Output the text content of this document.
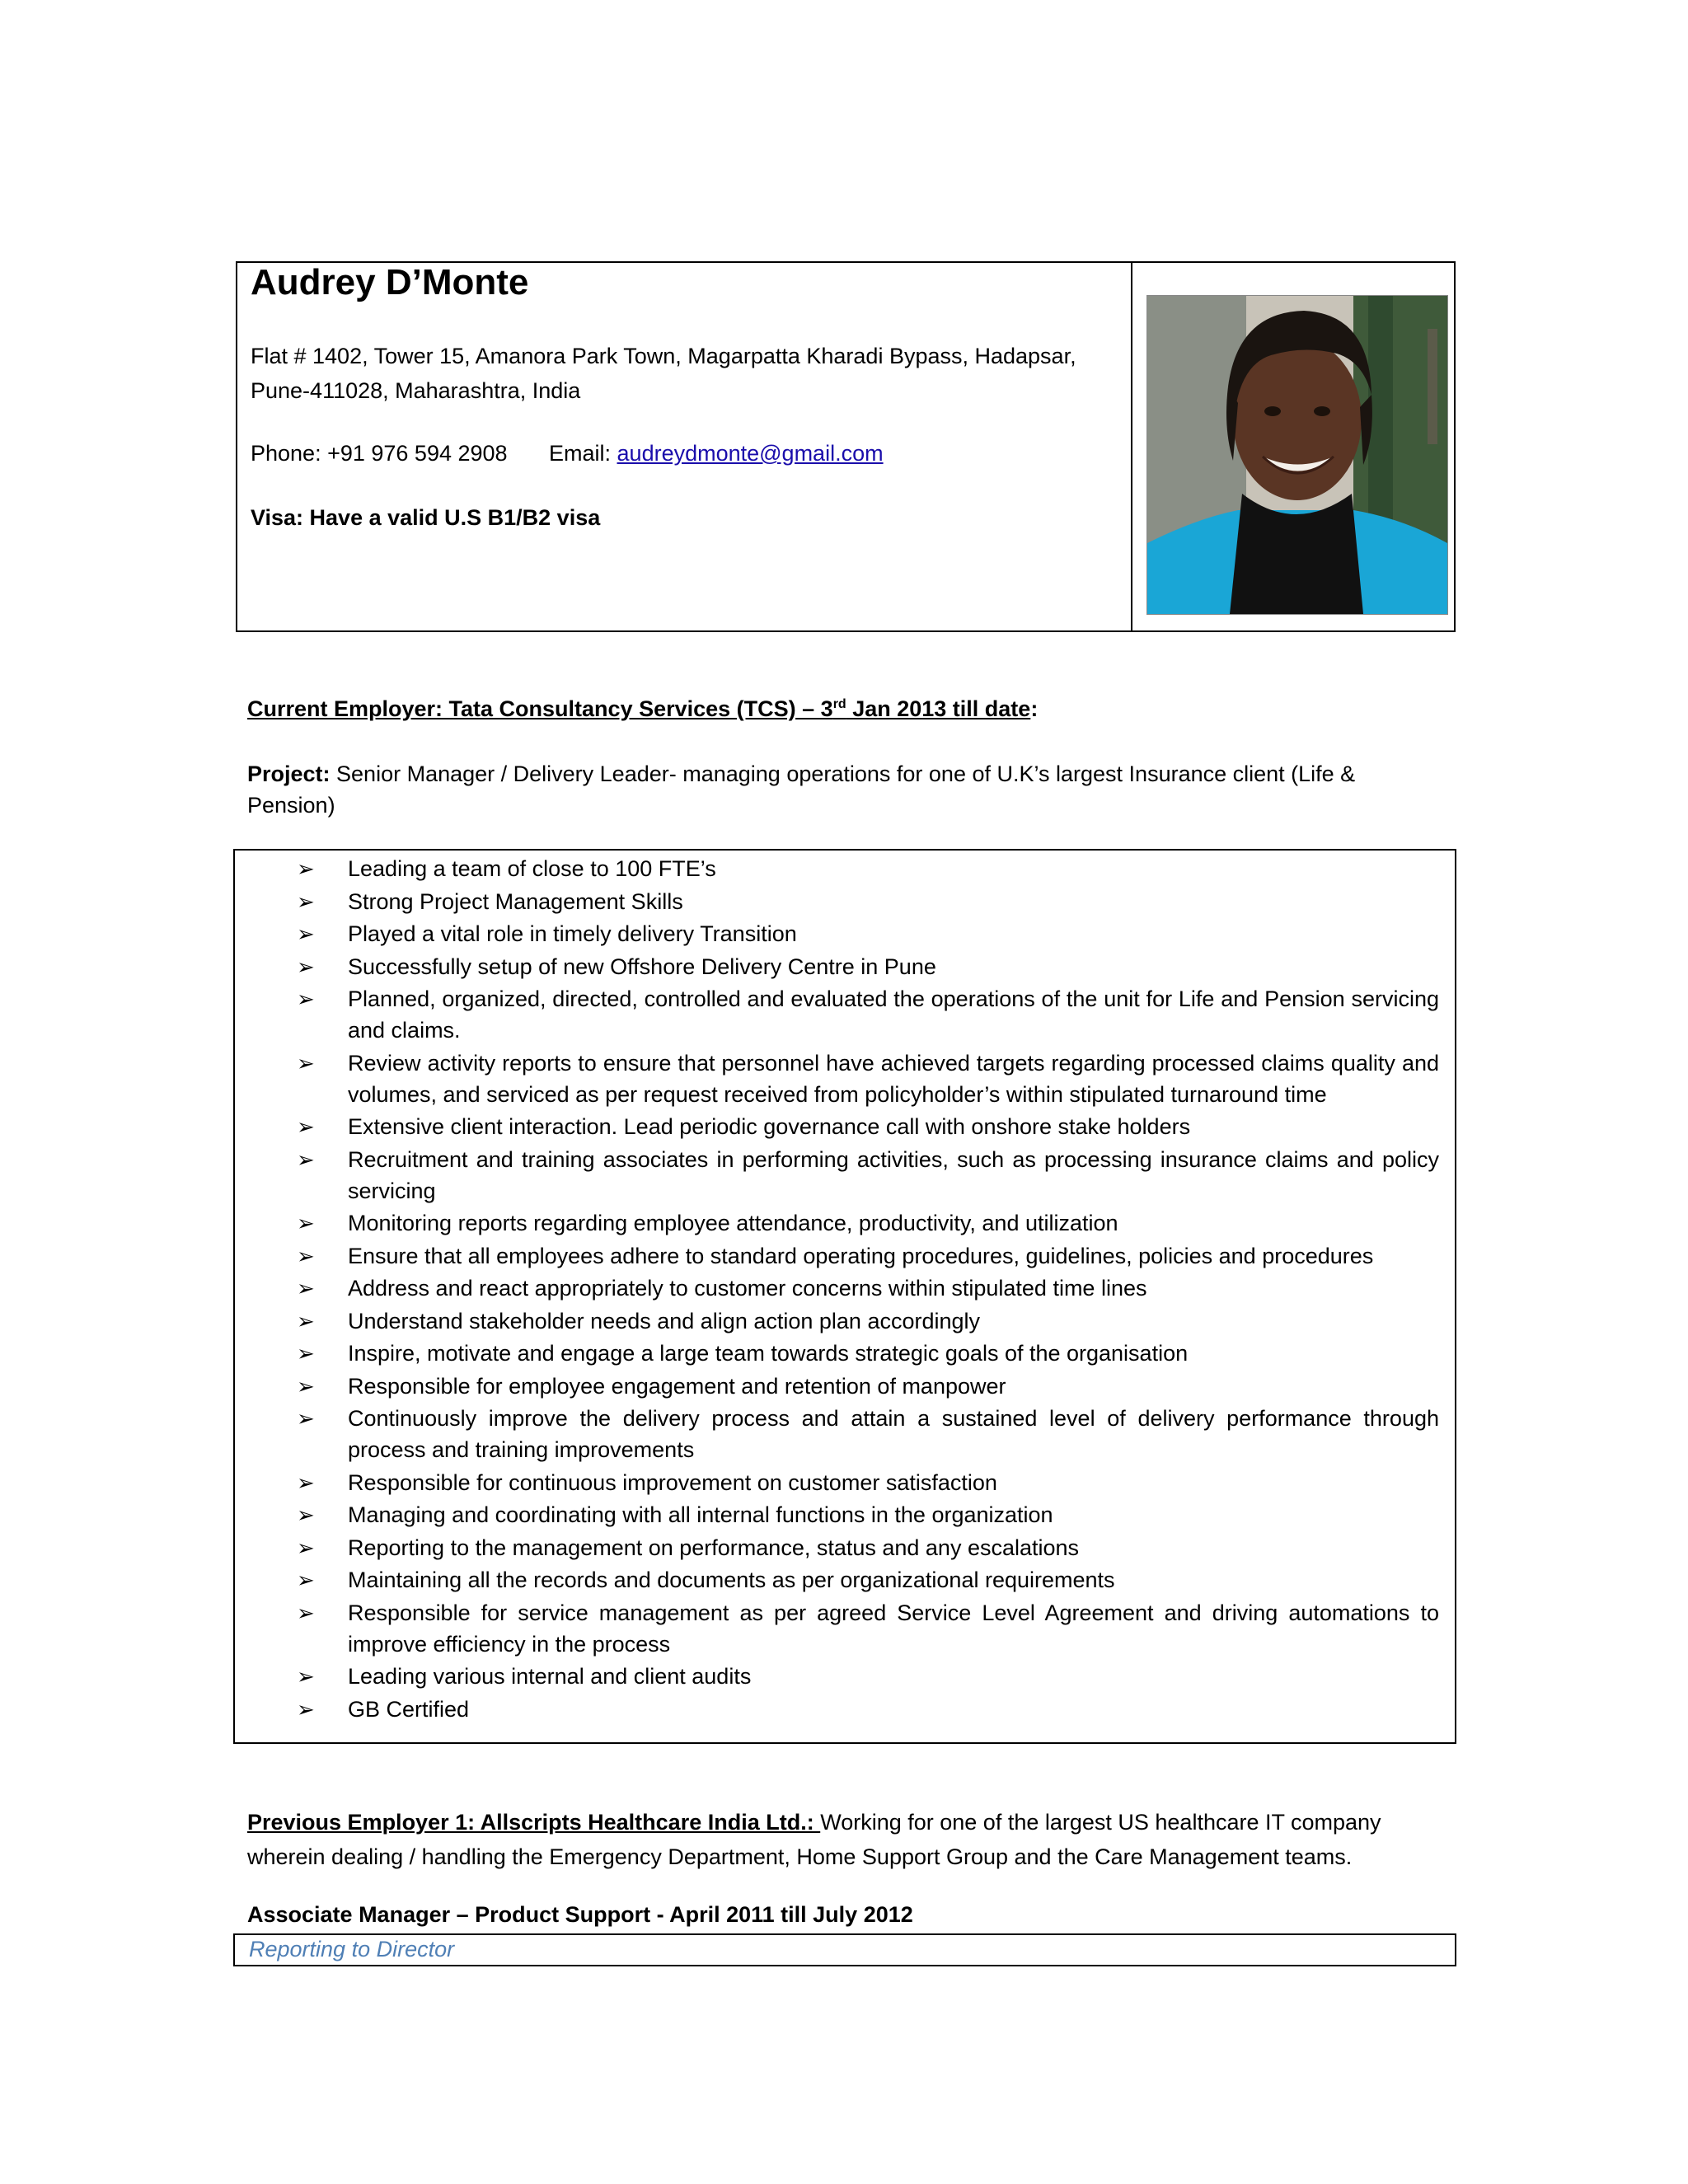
Audrey D’Monte
Flat # 1402, Tower 15, Amanora Park Town, Magarpatta Kharadi Bypass, Hadapsar,
Pune-411028, Maharashtra, India
Phone: +91 976 594 2908 Email: audreydmonte@gmail.com
Visa: Have a valid U.S B1/B2 visa
Current Employer: Tata Consultancy Services (TCS) – 3rd Jan 2013 till date:
Project: Senior Manager / Delivery Leader- managing operations for one of U.K’s largest Insurance client (Life &
Pension)
➢ Leading a team of close to 100 FTE’s
➢ Strong Project Management Skills
➢ Played a vital role in timely delivery Transition
➢ Successfully setup of new Offshore Delivery Centre in Pune
➢ Planned, organized, directed, controlled and evaluated the operations of the unit for Life and Pension servicing and claims.
➢ Review activity reports to ensure that personnel have achieved targets regarding processed claims quality and volumes, and serviced as per request received from policyholder’s within stipulated turnaround time
➢ Extensive client interaction. Lead periodic governance call with onshore stake holders
➢ Recruitment and training associates in performing activities, such as processing insurance claims and policy servicing
➢ Monitoring reports regarding employee attendance, productivity, and utilization
➢ Ensure that all employees adhere to standard operating procedures, guidelines, policies and procedures
➢ Address and react appropriately to customer concerns within stipulated time lines
➢ Understand stakeholder needs and align action plan accordingly
➢ Inspire, motivate and engage a large team towards strategic goals of the organisation
➢ Responsible for employee engagement and retention of manpower
➢ Continuously improve the delivery process and attain a sustained level of delivery performance through process and training improvements
➢ Responsible for continuous improvement on customer satisfaction
➢ Managing and coordinating with all internal functions in the organization
➢ Reporting to the management on performance, status and any escalations
➢ Maintaining all the records and documents as per organizational requirements
➢ Responsible for service management as per agreed Service Level Agreement and driving automations to improve efficiency in the process
➢ Leading various internal and client audits
➢ GB Certified
Previous Employer 1: Allscripts Healthcare India Ltd.: Working for one of the largest US healthcare IT company
wherein dealing / handling the Emergency Department, Home Support Group and the Care Management teams.
Associate Manager – Product Support - April 2011 till July 2012
Reporting to Director
